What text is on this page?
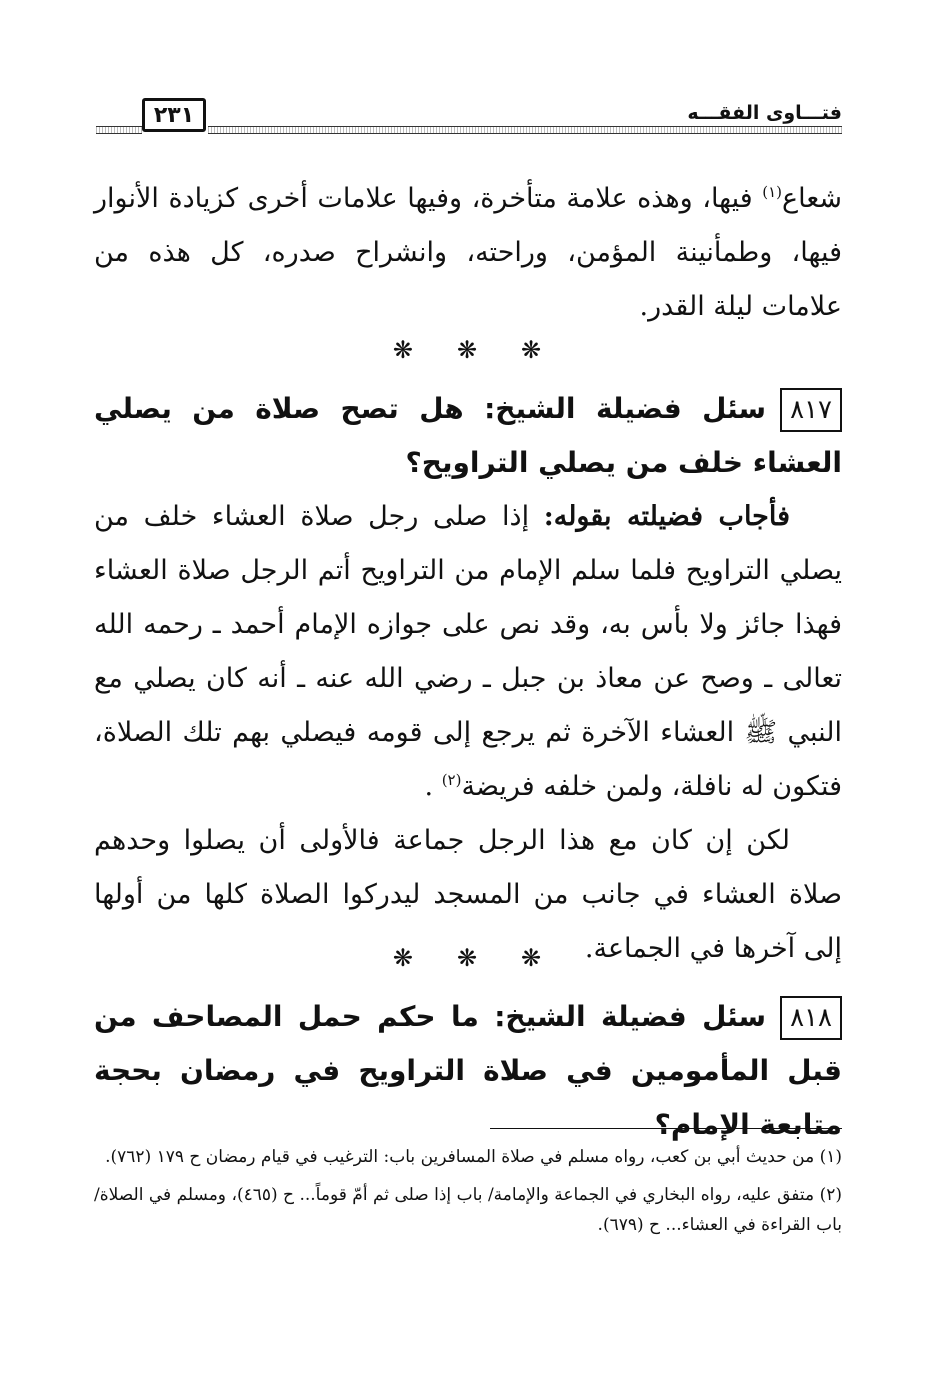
فتـــاوى الفقـــه
٢٣١

شعاع$^{(١)}$ فيها، وهذه علامة متأخرة، وفيها علامات أخرى كزيادة الأنوار فيها، وطمأنينة المؤمن، وراحته، وانشراح صدره، كل هذه من علامات ليلة القدر.

❋ ❋ ❋
٨١٧سئل فضيلة الشيخ: هل تصح صلاة من يصلي العشاء خلف من يصلي التراويح؟

فأجاب فضيلته بقوله: إذا صلى رجل صلاة العشاء خلف من يصلي التراويح فلما سلم الإمام من التراويح أتم الرجل صلاة العشاء فهذا جائز ولا بأس به، وقد نص على جوازه الإمام أحمد ـ رحمه الله تعالى ـ وصح عن معاذ بن جبل ـ رضي الله عنه ـ أنه كان يصلي مع النبي ﷺ العشاء الآخرة ثم يرجع إلى قومه فيصلي بهم تلك الصلاة، فتكون له نافلة، ولمن خلفه فريضة$^{(٢)}$ .

لكن إن كان مع هذا الرجل جماعة فالأولى أن يصلوا وحدهم صلاة العشاء في جانب من المسجد ليدركوا الصلاة كلها من أولها إلى آخرها في الجماعة.

❋ ❋ ❋
٨١٨سئل فضيلة الشيخ: ما حكم حمل المصاحف من قبل المأمومين في صلاة التراويح في رمضان بحجة متابعة الإمام؟

(١) من حديث أبي بن كعب، رواه مسلم في صلاة المسافرين باب: الترغيب في قيام رمضان ح ١٧٩ (٧٦٢).

(٢) متفق عليه، رواه البخاري في الجماعة والإمامة/ باب إذا صلى ثم أمّ قوماً... ح (٤٦٥)، ومسلم في الصلاة/ باب القراءة في العشاء... ح (٦٧٩).
